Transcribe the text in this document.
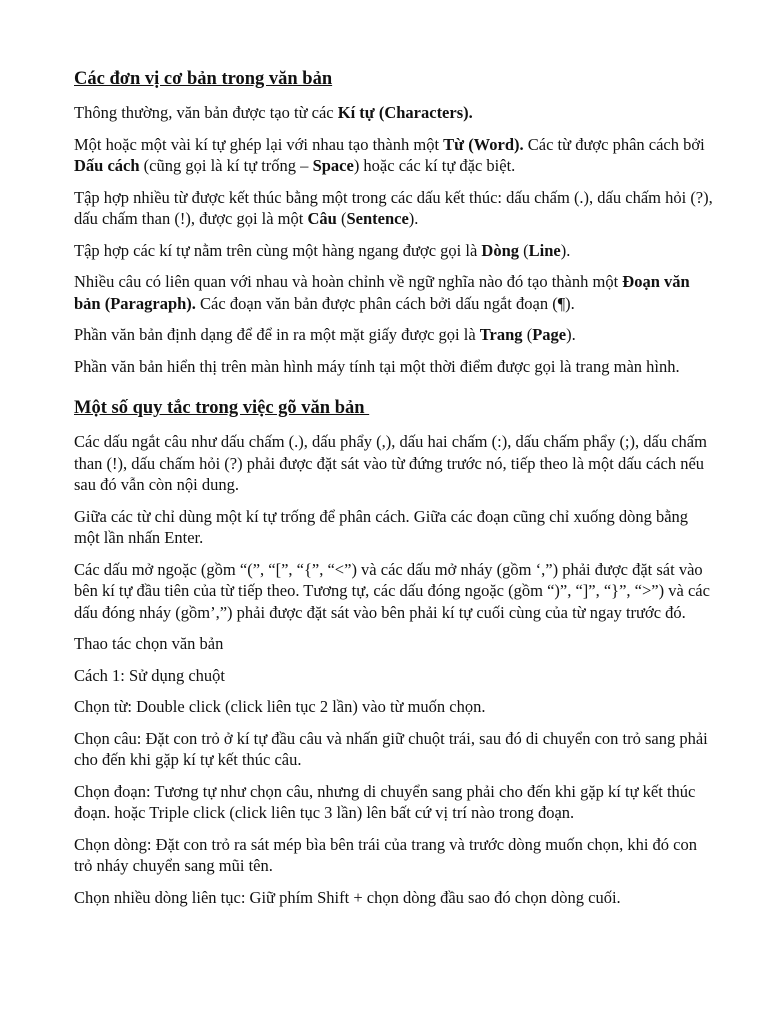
Các đơn vị cơ bản trong văn bản

Thông thường, văn bản được tạo từ các Kí tự (Characters).

Một hoặc một vài kí tự ghép lại với nhau tạo thành một Từ (Word). Các từ được phân cách bởi Dấu cách (cũng gọi là kí tự trống – Space) hoặc các kí tự đặc biệt.

Tập hợp nhiều từ được kết thúc bằng một trong các dấu kết thúc: dấu chấm (.), dấu chấm hỏi (?), dấu chấm than (!), được gọi là một Câu (Sentence).

Tập hợp các kí tự nằm trên cùng một hàng ngang được gọi là Dòng (Line).

Nhiều câu có liên quan với nhau và hoàn chỉnh về ngữ nghĩa nào đó tạo thành một Đoạn văn bản (Paragraph). Các đoạn văn bản được phân cách bởi dấu ngắt đoạn (¶).

Phần văn bản định dạng để để in ra một mặt giấy được gọi là Trang (Page).

Phần văn bản hiển thị trên màn hình máy tính tại một thời điểm được gọi là trang màn hình.

Một số quy tắc trong việc gõ văn bản

Các dấu ngắt câu như dấu chấm (.), dấu phẩy (,), dấu hai chấm (:), dấu chấm phẩy (;), dấu chấm than (!), dấu chấm hỏi (?) phải được đặt sát vào từ đứng trước nó, tiếp theo là một dấu cách nếu sau đó vẫn còn nội dung.

Giữa các từ chỉ dùng một kí tự trống để phân cách. Giữa các đoạn cũng chỉ xuống dòng bằng một lần nhấn Enter.

Các dấu mở ngoặc (gồm “(”, “[”, “{”, “<”) và các dấu mở nháy (gồm ‘,”) phải được đặt sát vào bên kí tự đầu tiên của từ tiếp theo. Tương tự, các dấu đóng ngoặc (gồm “)”, “]”, “}”, “>”) và các dấu đóng nháy (gồm’,”) phải được đặt sát vào bên phải kí tự cuối cùng của từ ngay trước đó.

Thao tác chọn văn bản

Cách 1: Sử dụng chuột

Chọn từ: Double click (click liên tục 2 lần) vào từ muốn chọn.

Chọn câu: Đặt con trỏ ở kí tự đầu câu và nhấn giữ chuột trái, sau đó di chuyển con trỏ sang phải cho đến khi gặp kí tự kết thúc câu.

Chọn đoạn: Tương tự như chọn câu, nhưng di chuyển sang phải cho đến khi gặp kí tự kết thúc đoạn. hoặc Triple click (click liên tục 3 lần) lên bất cứ vị trí nào trong đoạn.

Chọn dòng: Đặt con trỏ ra sát mép bìa bên trái của trang và trước dòng muốn chọn, khi đó con trỏ nháy chuyển sang mũi tên.

Chọn nhiều dòng liên tục: Giữ phím Shift + chọn dòng đầu sao đó chọn dòng cuối.
